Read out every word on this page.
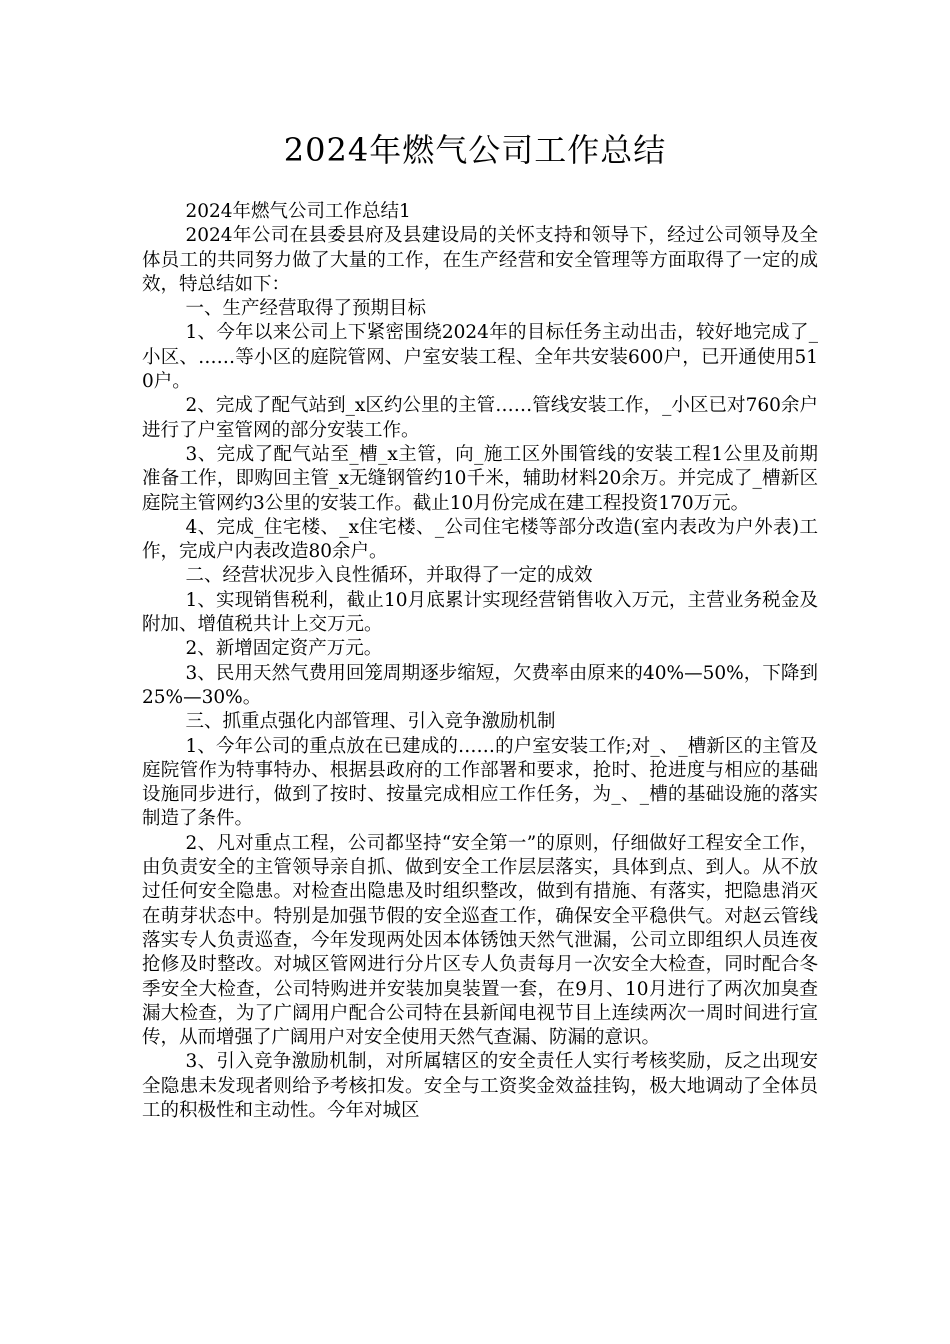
2024年燃气公司工作总结

2024年燃气公司工作总结1

2024年公司在县委县府及县建设局的关怀支持和领导下，经过公司领导及全体员工的共同努力做了大量的工作，在生产经营和安全管理等方面取得了一定的成效，特总结如下：

一、生产经营取得了预期目标

1、今年以来公司上下紧密围绕2024年的目标任务主动出击，较好地完成了_小区、……等小区的庭院管网、户室安装工程、全年共安装600户，已开通使用510户。

2、完成了配气站到_x区约公里的主管……管线安装工作，_小区已对760余户进行了户室管网的部分安装工作。

3、完成了配气站至_槽_x主管，向_施工区外围管线的安装工程1公里及前期准备工作，即购回主管_x无缝钢管约10千米，辅助材料20余万。并完成了_槽新区庭院主管网约3公里的安装工作。截止10月份完成在建工程投资170万元。

4、完成_住宅楼、_x住宅楼、_公司住宅楼等部分改造(室内表改为户外表)工作，完成户内表改造80余户。

二、经营状况步入良性循环，并取得了一定的成效

1、实现销售税利，截止10月底累计实现经营销售收入万元，主营业务税金及附加、增值税共计上交万元。

2、新增固定资产万元。

3、民用天然气费用回笼周期逐步缩短，欠费率由原来的40%—50%，下降到25%—30%。

三、抓重点强化内部管理、引入竞争激励机制

1、今年公司的重点放在已建成的……的户室安装工作;对_、_槽新区的主管及庭院管作为特事特办、根据县政府的工作部署和要求，抢时、抢进度与相应的基础设施同步进行，做到了按时、按量完成相应工作任务，为_、_槽的基础设施的落实制造了条件。

2、凡对重点工程，公司都坚持“安全第一”的原则，仔细做好工程安全工作，由负责安全的主管领导亲自抓、做到安全工作层层落实，具体到点、到人。从不放过任何安全隐患。对检查出隐患及时组织整改，做到有措施、有落实，把隐患消灭在萌芽状态中。特别是加强节假的安全巡查工作，确保安全平稳供气。对赵云管线落实专人负责巡查，今年发现两处因本体锈蚀天然气泄漏，公司立即组织人员连夜抢修及时整改。对城区管网进行分片区专人负责每月一次安全大检查，同时配合冬季安全大检查，公司特购进并安装加臭装置一套，在9月、10月进行了两次加臭查漏大检查，为了广阔用户配合公司特在县新闻电视节目上连续两次一周时间进行宣传，从而增强了广阔用户对安全使用天然气查漏、防漏的意识。

3、引入竞争激励机制，对所属辖区的安全责任人实行考核奖励，反之出现安全隐患未发现者则给予考核扣发。安全与工资奖金效益挂钩，极大地调动了全体员工的积极性和主动性。今年对城区
